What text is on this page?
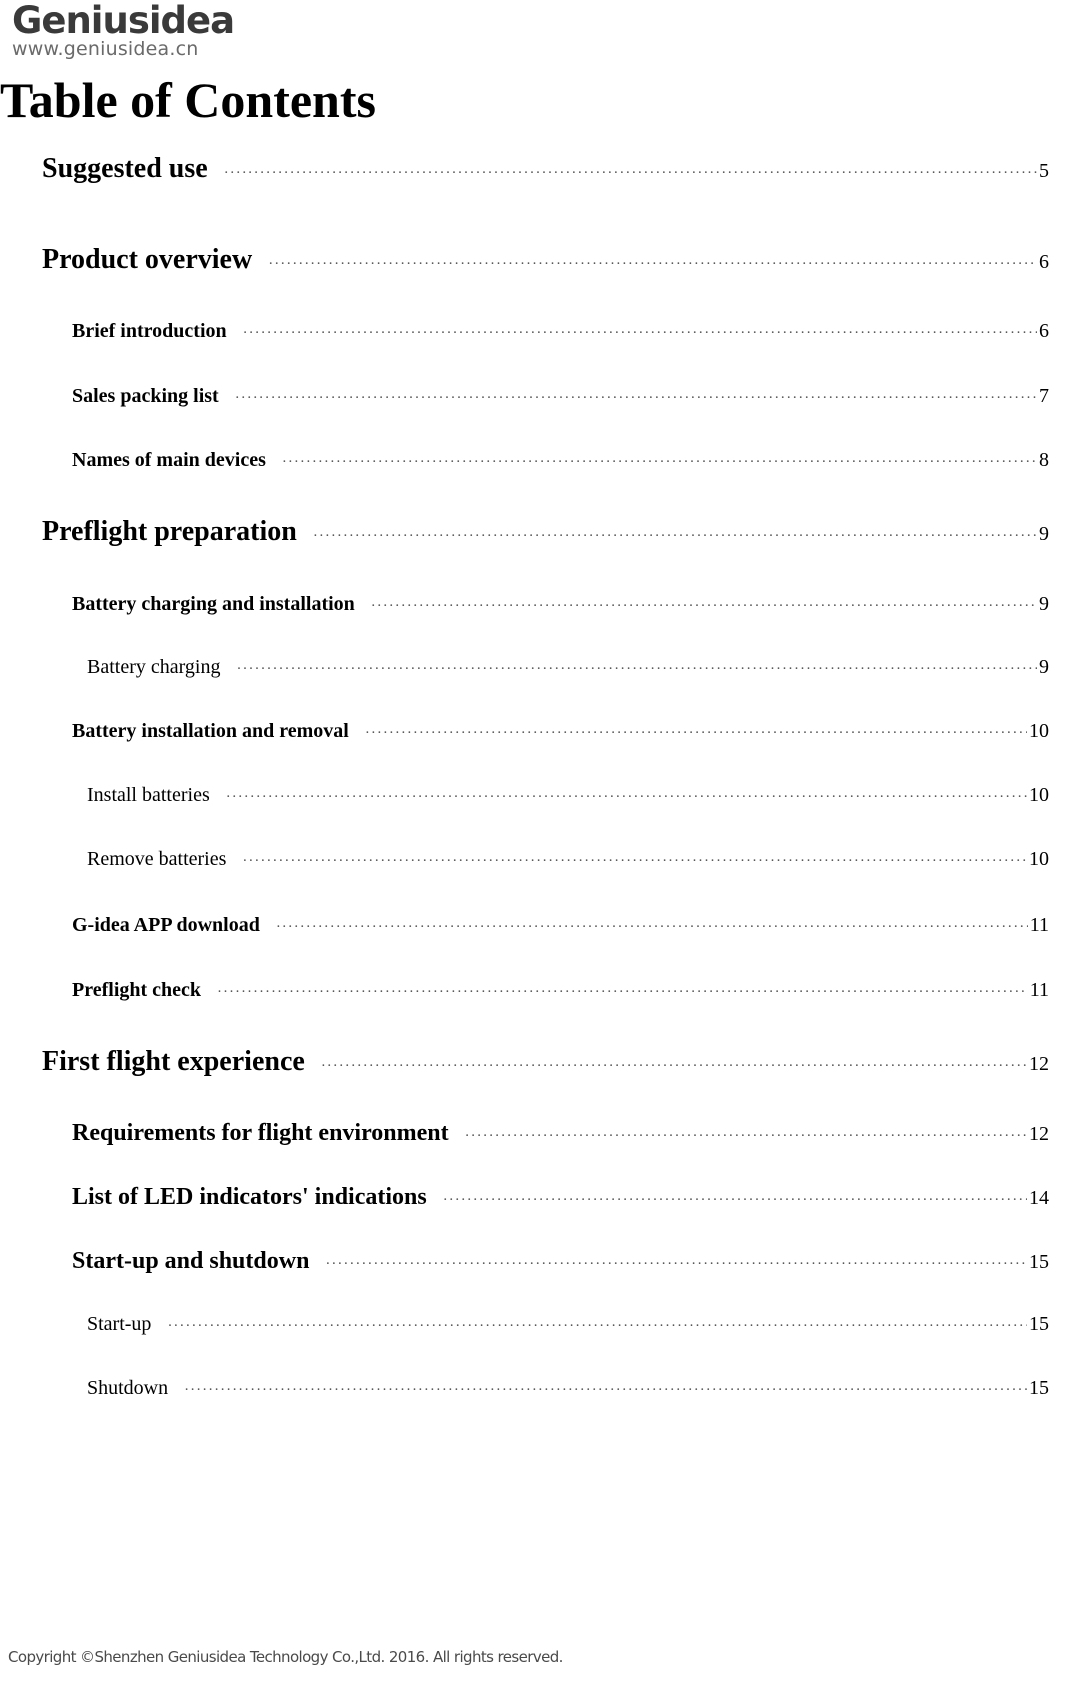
Geniusidea
www.geniusidea.cn
Table of Contents
Suggested use ·····	5
Product overview ·····	6
Brief introduction ·····	6
Sales packing list ·····	7
Names of main devices ·····	8
Preflight preparation ·····	9
Battery charging and installation ·····	9
Battery charging ·····	9
Battery installation and removal ·····	10
Install batteries ·····	10
Remove batteries ·····	10
G-idea APP download ·····	11
Preflight check ·····	11
First flight experience ·····	12
Requirements for flight environment ·····	12
List of LED indicators' indications ·····	14
Start-up and shutdown ·····	15
Start-up ·····	15
Shutdown ·····	15
Copyright ©Shenzhen Geniusidea Technology Co.,Ltd. 2016. All rights reserved.
